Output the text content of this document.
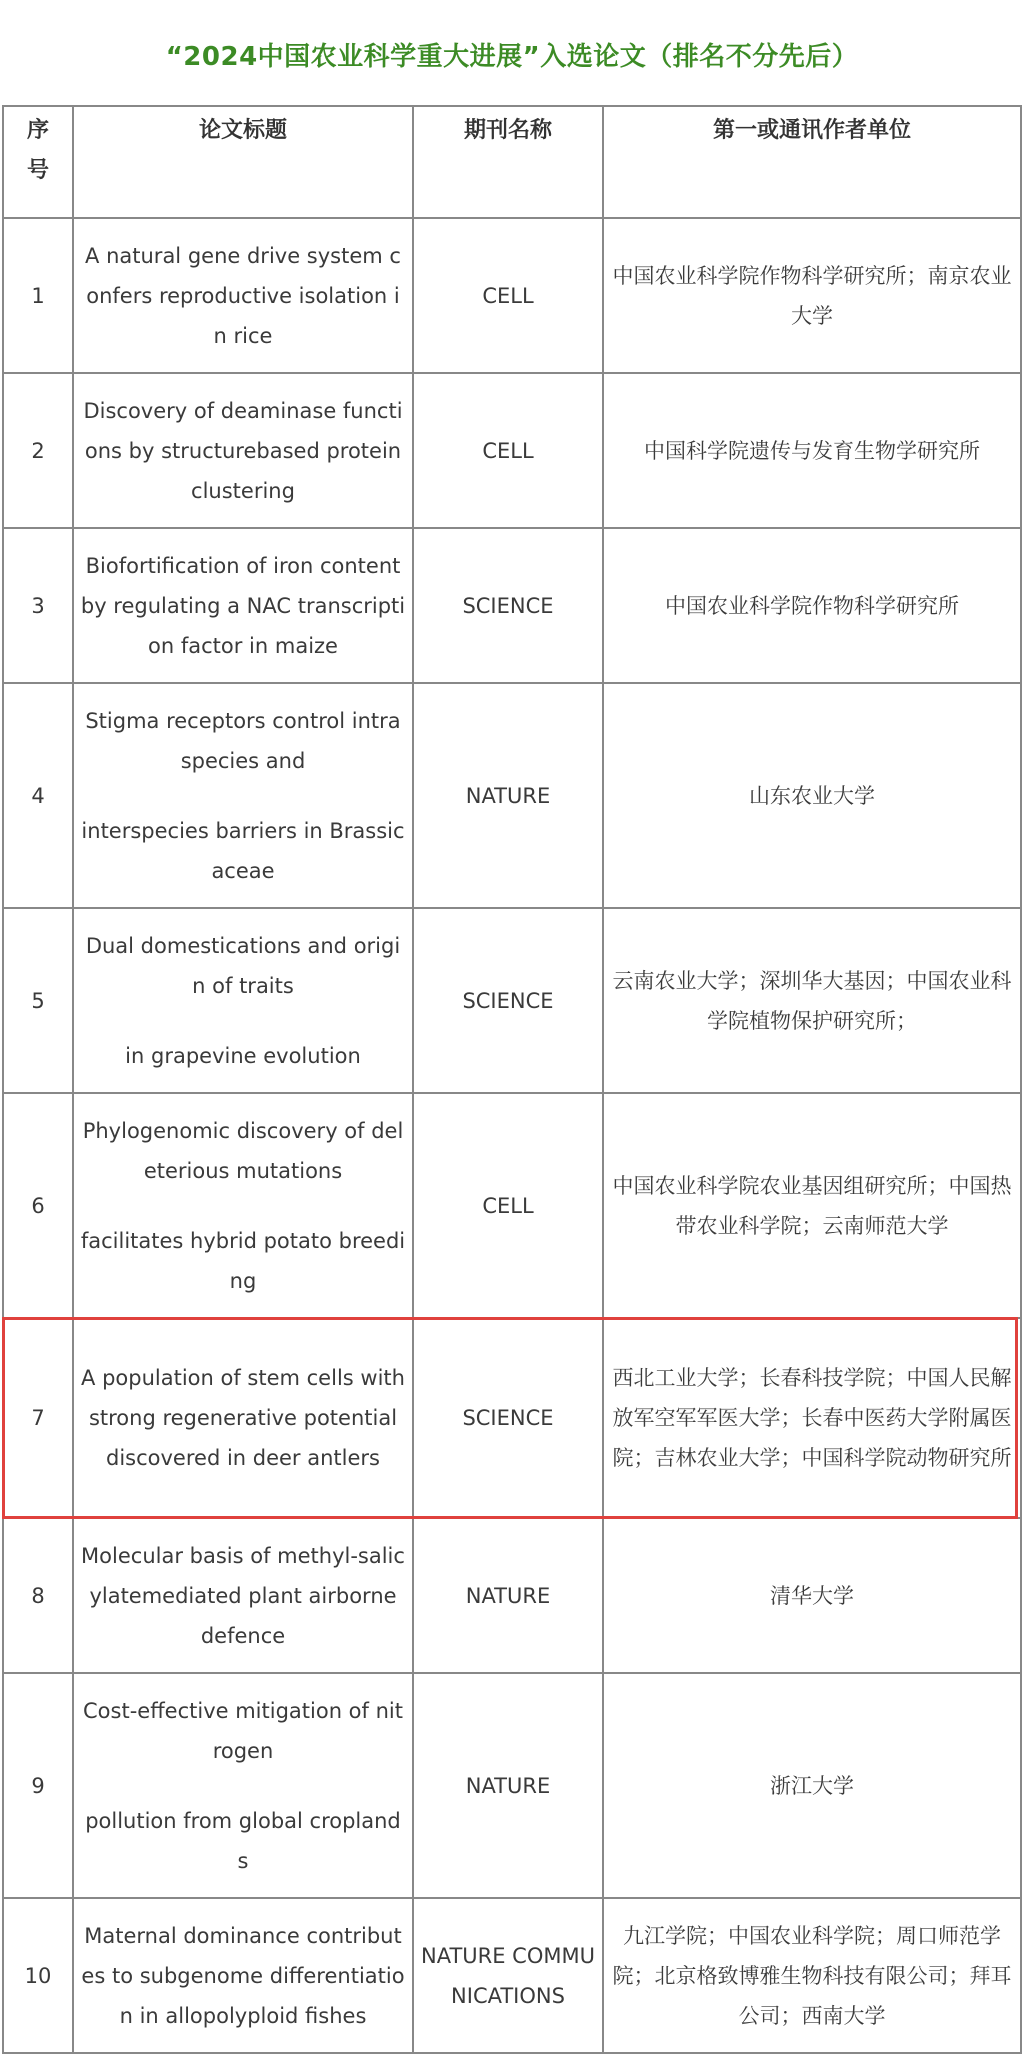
“2024中国农业科学重大进展”入选论文（排名不分先后）
序号	论文标题	期刊名称	第一或通讯作者单位
1	A natural gene drive system confers reproductive isolation in rice	CELL	中国农业科学院作物科学研究所；南京农业大学
2	Discovery of deaminase functions by structurebased protein clustering	CELL	中国科学院遗传与发育生物学研究所
3	Biofortification of iron content by regulating a NAC transcription factor in maize	SCIENCE	中国农业科学院作物科学研究所
4	Stigma receptors control intraspecies and
interspecies barriers in Brassicaceae	NATURE	山东农业大学
5	Dual domestications and origin of traits
in grapevine evolution	SCIENCE	云南农业大学；深圳华大基因；中国农业科学院植物保护研究所；
6	Phylogenomic discovery of deleterious mutations
facilitates hybrid potato breeding	CELL	中国农业科学院农业基因组研究所；中国热带农业科学院；云南师范大学
7	A population of stem cells with strong regenerative potential discovered in deer antlers	SCIENCE	西北工业大学；长春科技学院；中国人民解放军空军军医大学；长春中医药大学附属医院；吉林农业大学；中国科学院动物研究所
8	Molecular basis of methyl-salicylatemediated plant airborne defence	NATURE	清华大学
9	Cost-effective mitigation of nitrogen
pollution from global croplands	NATURE	浙江大学
10	Maternal dominance contributes to subgenome differentiation in allopolyploid fishes	NATURE COMMUNICATIONS	九江学院；中国农业科学院；周口师范学院；北京格致博雅生物科技有限公司；拜耳公司；西南大学
